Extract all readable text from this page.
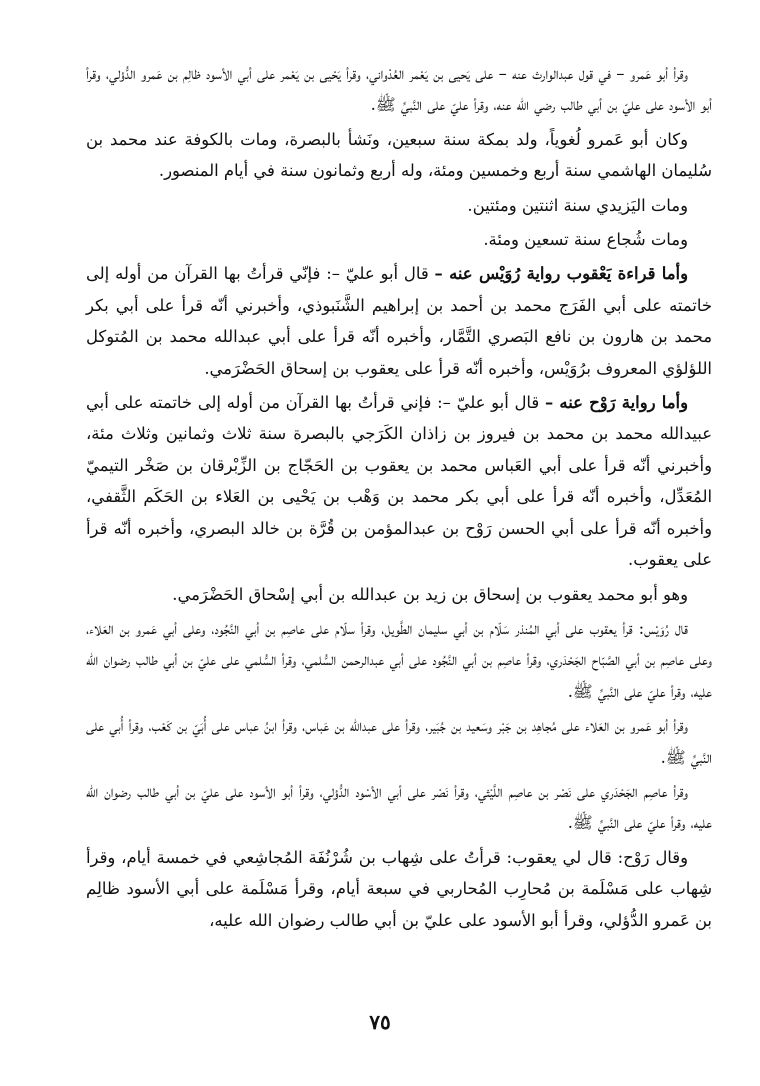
وقرأ أبو عَمرو – في قول عبدالوارث عنه – على يَحيى بن يَعْمر العُدْواني، وقرأ يَحْيى بن يَعْمر على أبي الأسود ظالِم بن عَمرو الدُّؤلي، وقرأ أبو الأسود على عليّ بن أبي طالب رضي الله عنه، وقرأ عليّ على النَّبيِّ ﷺ.

وكان أبو عَمرو لُغوياً، ولد بمكة سنة سبعين، ونَشأ بالبصرة، ومات بالكوفة عند محمد بن سُليمان الهاشمي سنة أربع وخمسين ومئة، وله أربع وثمانون سنة في أيام المنصور.

ومات اليَزيدي سنة اثنتين ومئتين.

ومات شُجاع سنة تسعين ومئة.

وأما قراءة يَعْقوب رواية رُوَيْس عنه – قال أبو عليّ –: فإنّي قرأتُ بها القرآن من أوله إلى خاتمته على أبي الفَرَج محمد بن أحمد بن إبراهيم الشَّنَبوذي، وأخبرني أنّه قرأ على أبي بكر محمد بن هارون بن نافع البَصري التَّمَّار، وأخبره أنّه قرأ على أبي عبدالله محمد بن المُتوكل اللؤلؤي المعروف برُوَيْس، وأخبره أنّه قرأ على يعقوب بن إسحاق الحَضْرَمي.

وأما رواية رَوْح عنه – قال أبو عليّ –: فإني قرأتُ بها القرآن من أوله إلى خاتمته على أبي عبيدالله محمد بن محمد بن فيروز بن زاذان الكَرَجي بالبصرة سنة ثلاث وثمانين وثلاث مئة، وأخبرني أنّه قرأ على أبي العَباس محمد بن يعقوب بن الحَجّاج بن الزِّبْرقان بن صَخْر التيميّ المُعَدِّل، وأخبره أنّه قرأ على أبي بكر محمد بن وَهْب بن يَحْيى بن العَلاء بن الحَكَم الثَّقفي، وأخبره أنّه قرأ على أبي الحسن رَوْح بن عبدالمؤمن بن قُرَّة بن خالد البصري، وأخبره أنّه قرأ على يعقوب.

وهو أبو محمد يعقوب بن إسحاق بن زيد بن عبدالله بن أبي إسْحاق الحَضْرَمي.

قال رُوَيْس: قرأ يعقوب على أبي المُنذر سَلّام بن أبي سليمان الطَّويل، وقرأ سلّام على عاصِم بن أبي النَّجُود، وعلى أبي عَمرو بن العَلاء، وعلى عاصِم بن أبي الصَّبّاح الجَحْدَري، وقرأ عاصِم بن أبي النَّجُود على أبي عبدالرحمن السُّلمي، وقرأ السُّلمي على عليّ بن أبي طالب رضوان الله عليه، وقرأ عليّ على النَّبيِّ ﷺ.

وقرأ أبو عَمرو بن العَلاء على مُجاهِد بن جَبْر وسَعيد بن جُبَير، وقرأ على عبدالله بن عَباس، وقرأ ابنُ عباس على أُبَيّ بن كَعْب، وقرأ أُبي على النَّبيِّ ﷺ.

وقرأ عاصِم الجَحْدَري على نَصْر بن عاصِم اللَّيْثي، وقرأ نَصْر على أبي الأسْود الدُّؤلي، وقرأ أبو الأسود على عليّ بن أبي طالب رضوان الله عليه، وقرأ عليّ على النَّبيِّ ﷺ.

وقال رَوْح: قال لي يعقوب: قرأتُ على شِهاب بن شُرْنُفَة المُجاشِعي في خمسة أيام، وقرأ شِهاب على مَسْلَمة بن مُحارِب المُحاربي في سبعة أيام، وقرأ مَسْلَمة على أبي الأسود ظالِم بن عَمرو الدُّؤلي، وقرأ أبو الأسود على عليّ بن أبي طالب رضوان الله عليه،

٧٥
